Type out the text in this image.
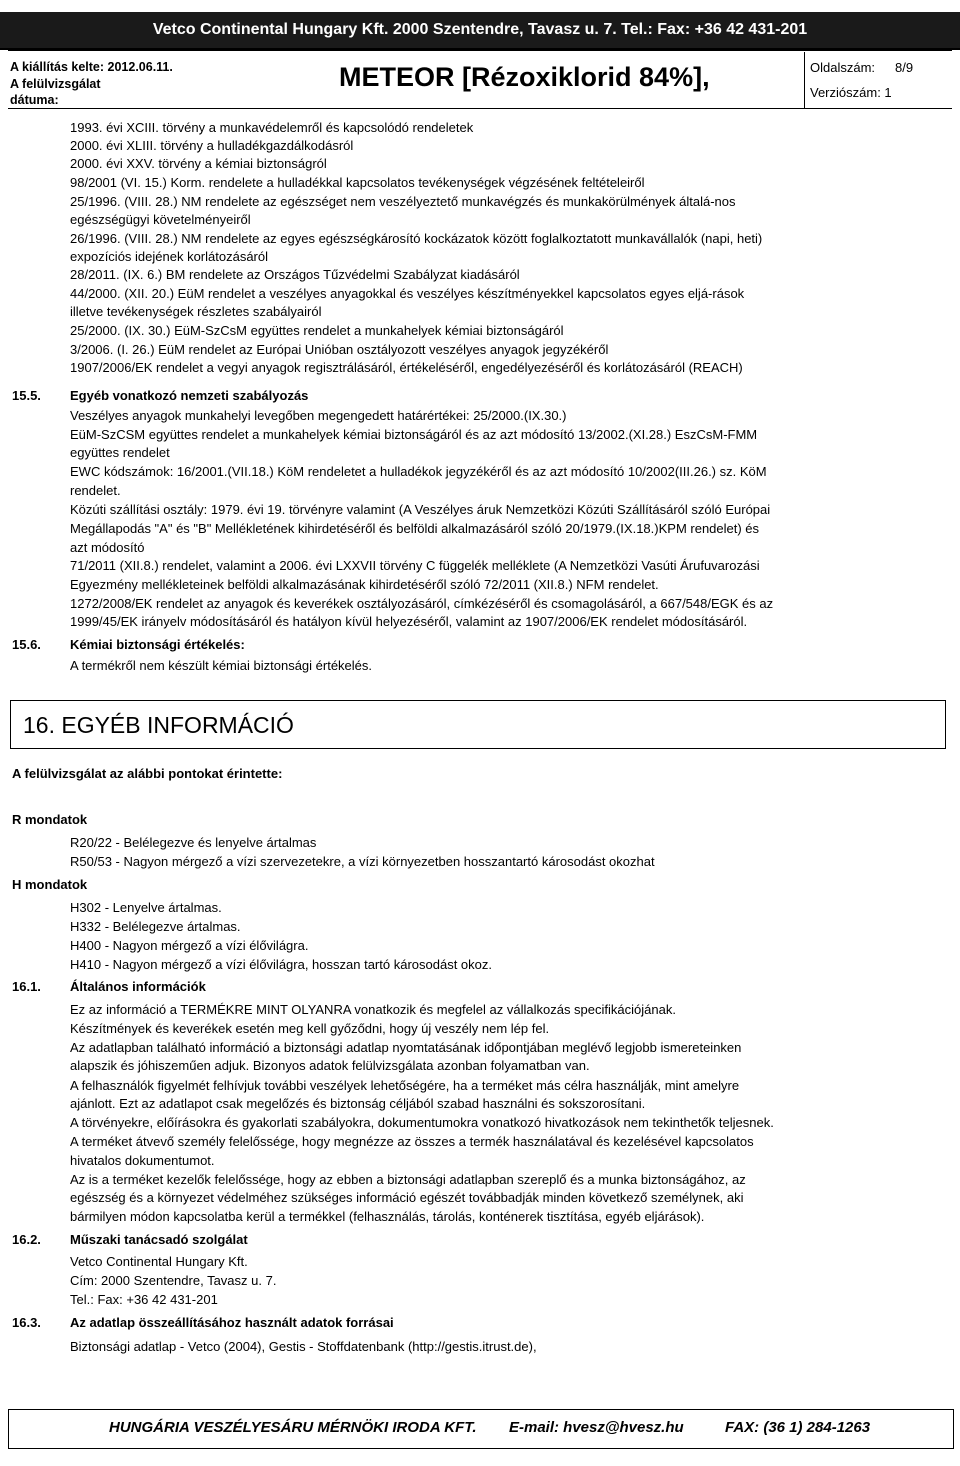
Vetco Continental Hungary Kft. 2000 Szentendre, Tavasz u. 7. Tel.: Fax: +36 42 431-201
A kiállítás kelte: 2012.06.11.
A felülvizsgálat
dátuma:
METEOR [Rézoxiklorid 84%],	Oldalszám: 8/9
Verziószám: 1
1993. évi XCIII. törvény a munkavédelemről és kapcsolódó rendeletek
2000. évi XLIII. törvény a hulladékgazdálkodásról
2000. évi XXV. törvény a kémiai biztonságról
98/2001 (VI. 15.) Korm. rendelete a hulladékkal kapcsolatos tevékenységek végzésének feltételeiről
25/1996. (VIII. 28.) NM rendelete az egészséget nem veszélyeztető munkavégzés és munkakörülmények általá-nos
egészségügyi követelményeiről
26/1996. (VIII. 28.) NM rendelete az egyes egészségkárosító kockázatok között foglalkoztatott munkavállalók (napi, heti)
expozíciós idejének korlátozásáról
28/2011. (IX. 6.) BM rendelete az Országos Tűzvédelmi Szabályzat kiadásáról
44/2000. (XII. 20.) EüM rendelet a veszélyes anyagokkal és veszélyes készítményekkel kapcsolatos egyes eljá-rások
illetve tevékenységek részletes szabályairól
25/2000. (IX. 30.) EüM-SzCsM együttes rendelet a munkahelyek kémiai biztonságáról
3/2006. (I. 26.) EüM rendelet az Európai Unióban osztályozott veszélyes anyagok jegyzékéről
1907/2006/EK rendelet a vegyi anyagok regisztrálásáról, értékeléséről, engedélyezéséről és korlátozásáról (REACH)
15.5. Egyéb vonatkozó nemzeti szabályozás
Veszélyes anyagok munkahelyi levegőben megengedett határértékei: 25/2000.(IX.30.)
EüM-SzCSM együttes rendelet a munkahelyek kémiai biztonságáról és az azt módosító 13/2002.(XI.28.) EszCsM-FMM
együttes rendelet
EWC kódszámok: 16/2001.(VII.18.) KöM rendeletet a hulladékok jegyzékéről és az azt módosító 10/2002(III.26.) sz. KöM
rendelet.
Közúti szállítási osztály: 1979. évi 19. törvényre valamint (A Veszélyes áruk Nemzetközi Közúti Szállításáról szóló Európai
Megállapodás "A" és "B" Mellékletének kihirdetéséről és belföldi alkalmazásáról szóló 20/1979.(IX.18.)KPM rendelet) és
azt módosító
71/2011 (XII.8.) rendelet, valamint a 2006. évi LXXVII törvény C függelék melléklete (A Nemzetközi Vasúti Árufuvarozási
Egyezmény mellékleteinek belföldi alkalmazásának kihirdetéséről szóló 72/2011 (XII.8.) NFM rendelet.
1272/2008/EK rendelet az anyagok és keverékek osztályozásáról, címkézéséről és csomagolásáról, a 667/548/EGK és az
1999/45/EK irányelv módosításáról és hatályon kívül helyezéséről, valamint az 1907/2006/EK rendelet módosításáról.
15.6. Kémiai biztonsági értékelés:
A termékről nem készült kémiai biztonsági értékelés.
16. EGYÉB INFORMÁCIÓ
A felülvizsgálat az alábbi pontokat érintette:
R mondatok
R20/22 - Belélegezve és lenyelve ártalmas
R50/53 - Nagyon mérgező a vízi szervezetekre, a vízi környezetben hosszantartó károsodást okozhat
H mondatok
H302 - Lenyelve ártalmas.
H332 - Belélegezve ártalmas.
H400 - Nagyon mérgező a vízi élővilágra.
H410 - Nagyon mérgező a vízi élővilágra, hosszan tartó károsodást okoz.
16.1. Általános információk
Ez az információ a TERMÉKRE MINT OLYANRA vonatkozik és megfelel az vállalkozás specifikációjának.
Készítmények és keverékek esetén meg kell győződni, hogy új veszély nem lép fel.
Az adatlapban található információ a biztonsági adatlap nyomtatásának időpontjában meglévő legjobb ismereteinken
alapszik és jóhiszeműen adjuk. Bizonyos adatok felülvizsgálata azonban folyamatban van.
A felhasználók figyelmét felhívjuk további veszélyek lehetőségére, ha a terméket más célra használják, mint amelyre
ajánlott. Ezt az adatlapot csak megelőzés és biztonság céljából szabad használni és sokszorosítani.
A törvényekre, előírásokra és gyakorlati szabályokra, dokumentumokra vonatkozó hivatkozások nem tekinthetők teljesnek.
A terméket átvevő személy felelőssége, hogy megnézze az összes a termék használatával és kezelésével kapcsolatos
hivatalos dokumentumot.
Az is a terméket kezelők felelőssége, hogy az ebben a biztonsági adatlapban szereplő és a munka biztonságához, az
egészség és a környezet védelméhez szükséges információ egészét továbbadják minden következő személynek, aki
bármilyen módon kapcsolatba kerül a termékkel (felhasználás, tárolás, konténerek tisztítása, egyéb eljárások).
16.2. Műszaki tanácsadó szolgálat
Vetco Continental Hungary Kft.
Cím: 2000 Szentendre, Tavasz u. 7.
Tel.: Fax: +36 42 431-201
16.3. Az adatlap összeállításához használt adatok forrásai
Biztonsági adatlap - Vetco (2004), Gestis - Stoffdatenbank (http://gestis.itrust.de),
HUNGÁRIA VESZÉLYESÁRU MÉRNÖKI IRODA KFT. E-mail: hvesz@hvesz.hu	FAX: (36 1) 284-1263
